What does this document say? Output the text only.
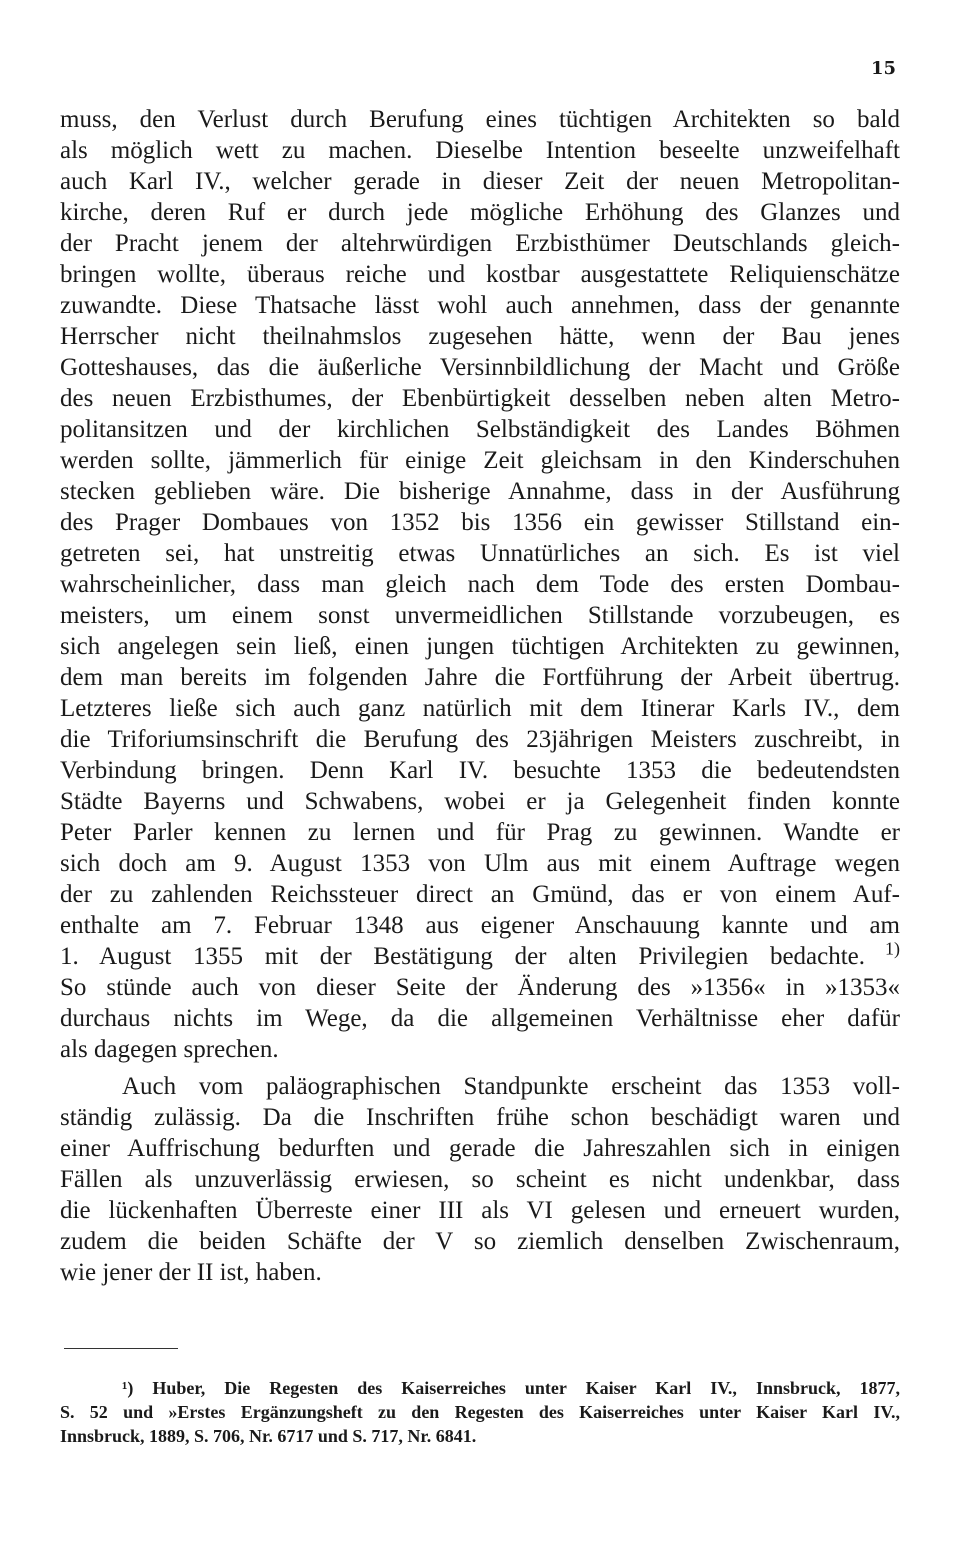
15

muss, den Verlust durch Berufung eines tüchtigen Architekten so bald
als möglich wett zu machen. Dieselbe Intention beseelte unzweifelhaft
auch Karl IV., welcher gerade in dieser Zeit der neuen Metropolitan-
kirche, deren Ruf er durch jede mögliche Erhöhung des Glanzes und
der Pracht jenem der altehrwürdigen Erzbisthümer Deutschlands gleich-
bringen wollte, überaus reiche und kostbar ausgestattete Reliquienschätze
zuwandte. Diese Thatsache lässt wohl auch annehmen, dass der genannte
Herrscher nicht theilnahmslos zugesehen hätte, wenn der Bau jenes
Gotteshauses, das die äußerliche Versinnbildlichung der Macht und Größe
des neuen Erzbisthumes, der Ebenbürtigkeit desselben neben alten Metro-
politansitzen und der kirchlichen Selbständigkeit des Landes Böhmen
werden sollte, jämmerlich für einige Zeit gleichsam in den Kinderschuhen
stecken geblieben wäre. Die bisherige Annahme, dass in der Ausführung
des Prager Dombaues von 1352 bis 1356 ein gewisser Stillstand ein-
getreten sei, hat unstreitig etwas Unnatürliches an sich. Es ist viel
wahrscheinlicher, dass man gleich nach dem Tode des ersten Dombau-
meisters, um einem sonst unvermeidlichen Stillstande vorzubeugen, es
sich angelegen sein ließ, einen jungen tüchtigen Architekten zu gewinnen,
dem man bereits im folgenden Jahre die Fortführung der Arbeit übertrug.
Letzteres ließe sich auch ganz natürlich mit dem Itinerar Karls IV., dem
die Triforiumsinschrift die Berufung des 23jährigen Meisters zuschreibt, in
Verbindung bringen. Denn Karl IV. besuchte 1353 die bedeutendsten
Städte Bayerns und Schwabens, wobei er ja Gelegenheit finden konnte
Peter Parler kennen zu lernen und für Prag zu gewinnen. Wandte er
sich doch am 9. August 1353 von Ulm aus mit einem Auftrage wegen
der zu zahlenden Reichssteuer direct an Gmünd, das er von einem Auf-
enthalte am 7. Februar 1348 aus eigener Anschauung kannte und am
1. August 1355 mit der Bestätigung der alten Privilegien bedachte. $^{1)}$
So stünde auch von dieser Seite der Änderung des »1356« in »1353«
durchaus nichts im Wege, da die allgemeinen Verhältnisse eher dafür
als dagegen sprechen.

Auch vom paläographischen Standpunkte erscheint das 1353 voll-
ständig zulässig. Da die Inschriften frühe schon beschädigt waren und
einer Auffrischung bedurften und gerade die Jahreszahlen sich in einigen
Fällen als unzuverlässig erwiesen, so scheint es nicht undenkbar, dass
die lückenhaften Überreste einer III als VI gelesen und erneuert wurden,
zudem die beiden Schäfte der V so ziemlich denselben Zwischenraum,
wie jener der II ist, haben.

¹) Huber, Die Regesten des Kaiserreiches unter Kaiser Karl IV., Innsbruck, 1877,
S. 52 und »Erstes Ergänzungsheft zu den Regesten des Kaiserreiches unter Kaiser Karl IV.,
Innsbruck, 1889, S. 706, Nr. 6717 und S. 717, Nr. 6841.
